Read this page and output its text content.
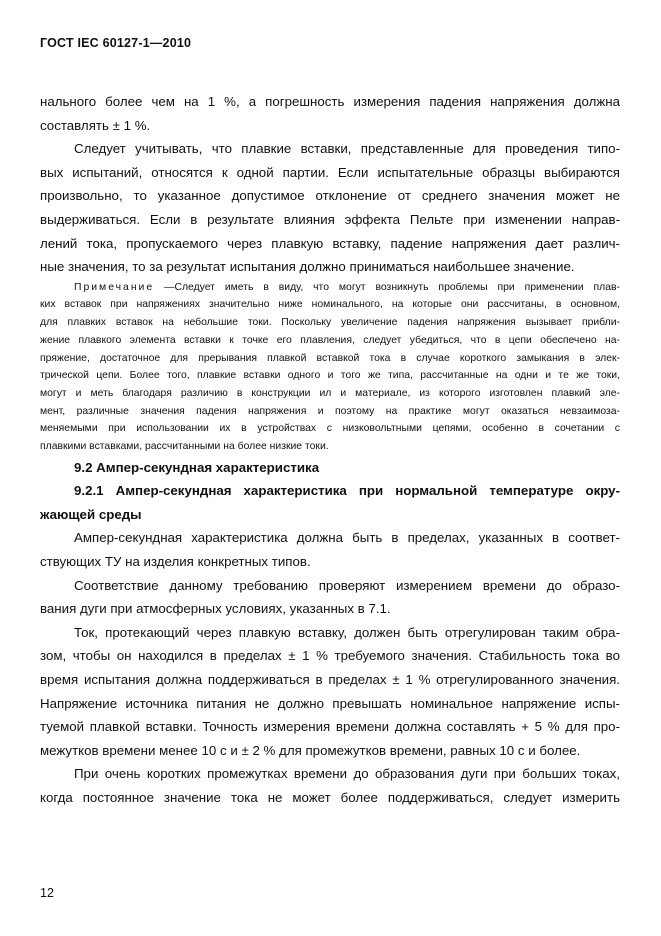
ГОСТ IEC 60127-1—2010
нального более чем на 1 %, а погрешность измерения падения напряжения должна
составлять ± 1 %.
Следует учитывать, что плавкие вставки, представленные для проведения типо-
вых испытаний, относятся к одной партии. Если испытательные образцы выбираются
произвольно, то указанное допустимое отклонение от среднего значения может не
выдерживаться. Если в результате влияния эффекта Пельте при изменении направ-
лений тока, пропускаемого через плавкую вставку, падение напряжения дает различ-
ные значения, то за результат испытания должно приниматься наибольшее значение.
Примечание —Следует иметь в виду, что могут возникнуть проблемы при применении плав-
ких вставок при напряжениях значительно ниже номинального, на которые они рассчитаны, в основном,
для плавких вставок на небольшие токи. Поскольку увеличение падения напряжения вызывает прибли-
жение плавкого элемента вставки к точке его плавления, следует убедиться, что в цепи обеспечено на-
пряжение, достаточное для прерывания плавкой вставкой тока в случае короткого замыкания в элек-
трической цепи. Более того, плавкие вставки одного и того же типа, рассчитанные на одни и те же токи,
могут и меть благодаря различию в конструкции ил и материале, из которого изготовлен плавкий эле-
мент, различные значения падения напряжения и поэтому на практике могут оказаться невзаимоза-
меняемыми при использовании их в устройствах с низковольтными цепями, особенно в сочетании с
плавкими вставками, рассчитанными на более низкие токи.
9.2 Ампер-секундная характеристика
9.2.1 Ампер-секундная характеристика при нормальной температуре окру-
жающей среды
Ампер-секундная характеристика должна быть в пределах, указанных в соответ-
ствующих ТУ на изделия конкретных типов.
Соответствие данному требованию проверяют измерением времени до образо-
вания дуги при атмосферных условиях, указанных в 7.1.
Ток, протекающий через плавкую вставку, должен быть отрегулирован таким обра-
зом, чтобы он находился в пределах ± 1 % требуемого значения. Стабильность тока во
время испытания должна поддерживаться в пределах ± 1 % отрегулированного значения.
Напряжение источника питания не должно превышать номинальное напряжение испы-
туемой плавкой вставки. Точность измерения времени должна составлять + 5 % для про-
межутков времени менее 10 с и ± 2 % для промежутков времени, равных 10 с и более.
При очень коротких промежутках времени до образования дуги при больших токах,
когда постоянное значение тока не может более поддерживаться, следует измерить
12
